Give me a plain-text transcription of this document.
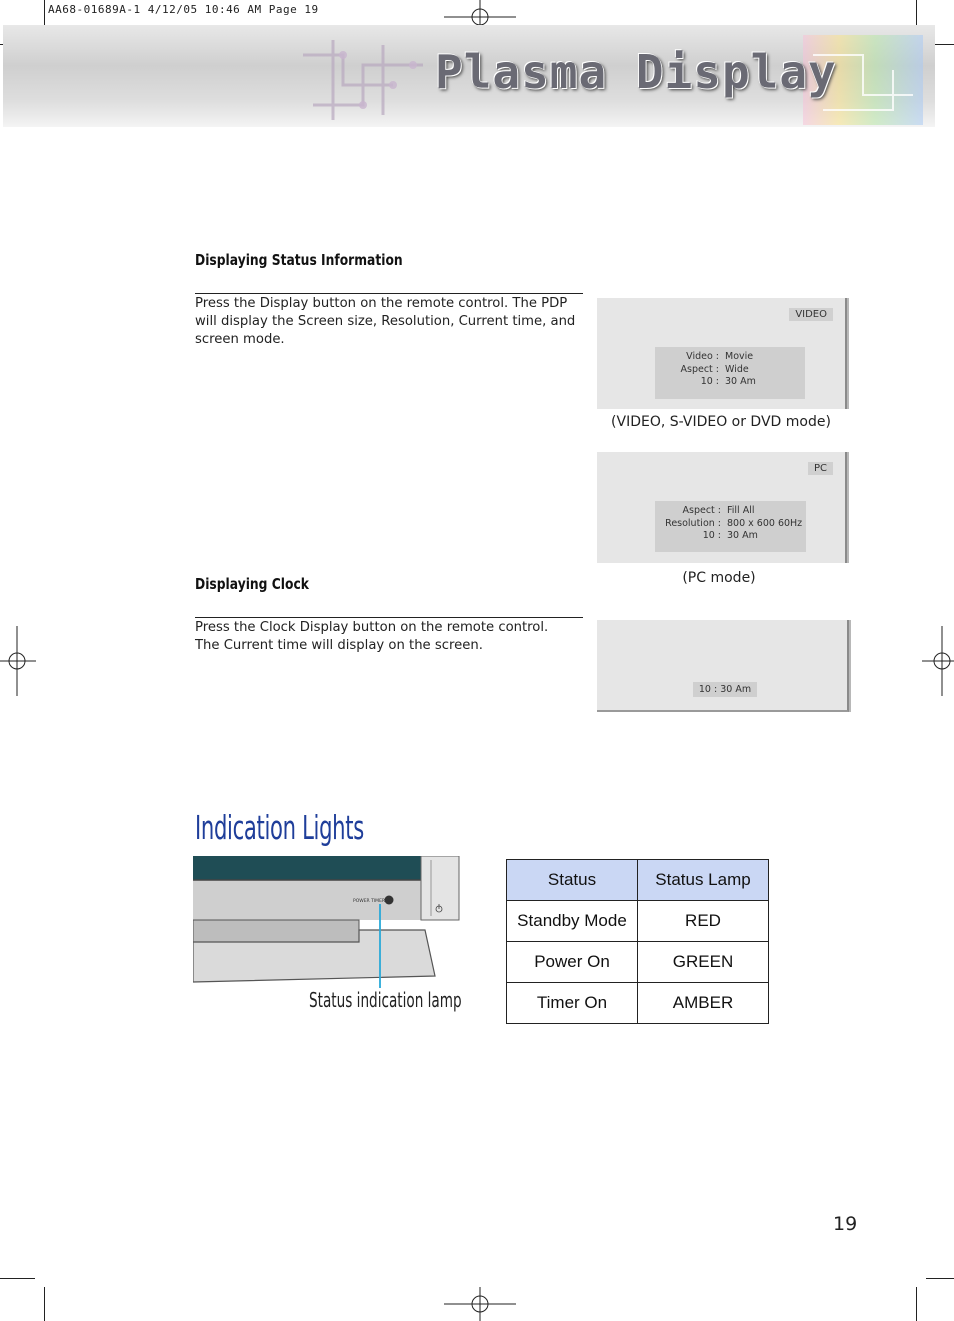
AA68-01689A-1 4/12/05 10:46 AM Page 19
Plasma Display
Displaying Status Information
Press the Display button on the remote control. The PDP will display the Screen size, Resolution, Current time, and screen mode.
VIDEO
Video : Movie
Aspect : Wide
10 : 30 Am
(VIDEO, S-VIDEO or DVD mode)
PC
Aspect : Fill All
Resolution : 800 x 600 60Hz
10 : 30 Am
(PC mode)
Displaying Clock
Press the Clock Display button on the remote control.
The Current time will display on the screen.
10 : 30 Am
Indication Lights
POWER TIMER
Status indication lamp
Status	Status Lamp
Standby Mode	RED
Power On	GREEN
Timer On	AMBER
19
